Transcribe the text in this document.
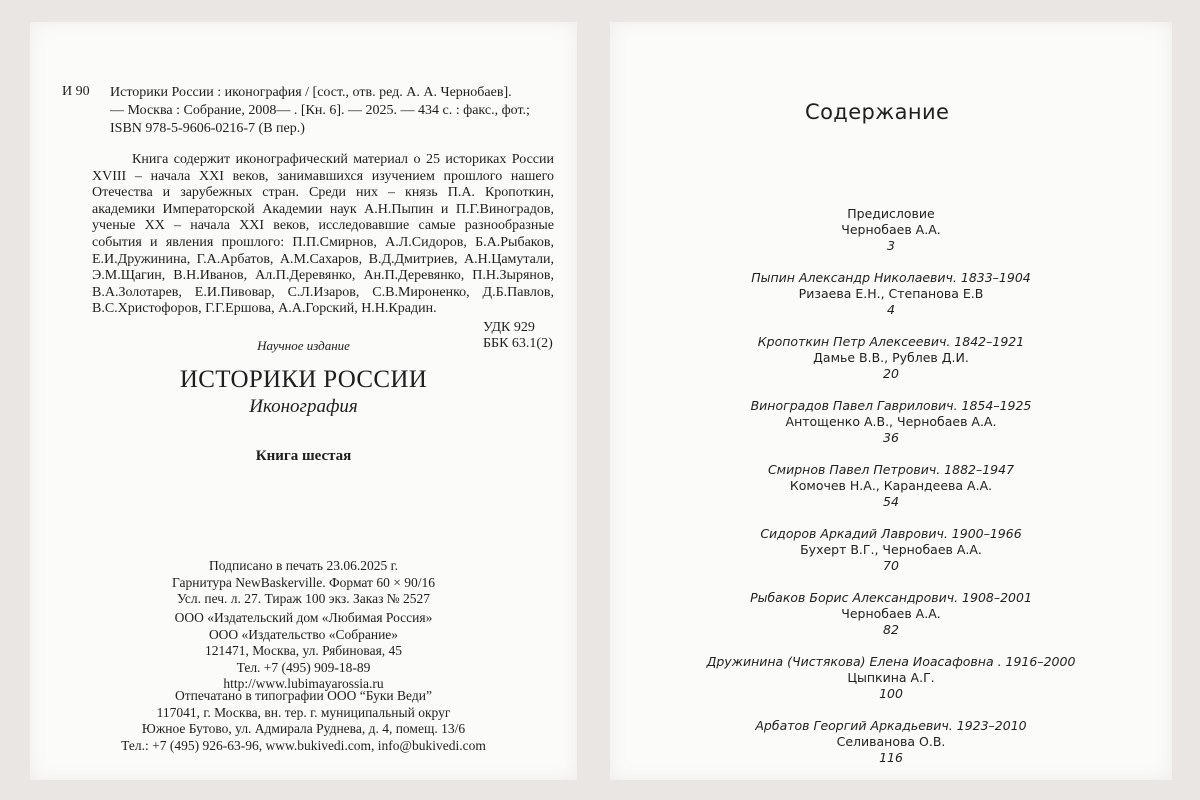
И 90 Историки России : иконография / [сост., отв. ред. А. А. Чернобаев].
— Москва : Собрание, 2008— . [Кн. 6]. — 2025. — 434 с. : факс., фот.;
ISBN 978-5-9606-0216-7 (В пер.)
Книга содержит иконографический материал о 25 историках России XVIII – начала XXI веков, занимавшихся изучением прошлого нашего Отечества и зарубежных стран. Среди них – князь П.А. Кропоткин, академики Императорской Академии наук А.Н.Пыпин и П.Г.Виноградов, ученые XX – начала XXI веков, исследовавшие самые разнообразные события и явления прошлого: П.П.Смирнов, А.Л.Сидоров, Б.А.Рыбаков, Е.И.Дружинина, Г.А.Арбатов, А.М.Сахаров, В.Д.Дмитриев, А.Н.Цамутали, Э.М.Щагин, В.Н.Иванов, Ал.П.Деревянко, Ан.П.Деревянко, П.Н.Зырянов, В.А.Золотарев, Е.И.Пивовар, С.Л.Изаров, С.В.Мироненко, Д.Б.Павлов, В.С.Христофоров, Г.Г.Ершова, А.А.Горский, Н.Н.Крадин.
УДК 929
ББК 63.1(2)
Научное издание
ИСТОРИКИ РОССИИ
Иконография
Книга шестая
Подписано в печать 23.06.2025 г.
Гарнитура NewBaskerville. Формат 60 × 90/16
Усл. печ. л. 27. Тираж 100 экз. Заказ № 2527
ООО «Издательский дом «Любимая Россия»
ООО «Издательство «Собрание»
121471, Москва, ул. Рябиновая, 45
Тел. +7 (495) 909-18-89
http://www.lubimayarossia.ru
Отпечатано в типографии ООО “Буки Веди”
117041, г. Москва, вн. тер. г. муниципальный округ
Южное Бутово, ул. Адмирала Руднева, д. 4, помещ. 13/6
Тел.: +7 (495) 926-63-96, www.bukivedi.com, info@bukivedi.com
Содержание
Предисловие
Чернобаев А.А.
3
Пыпин Александр Николаевич. 1833–1904
Ризаева Е.Н., Степанова Е.В
4
Кропоткин Петр Алексеевич. 1842–1921
Дамье В.В., Рублев Д.И.
20
Виноградов Павел Гаврилович. 1854–1925
Антощенко А.В., Чернобаев А.А.
36
Смирнов Павел Петрович. 1882–1947
Комочев Н.А., Карандеева А.А.
54
Сидоров Аркадий Лаврович. 1900–1966
Бухерт В.Г., Чернобаев А.А.
70
Рыбаков Борис Александрович. 1908–2001
Чернобаев А.А.
82
Дружинина (Чистякова) Елена Иоасафовна . 1916–2000
Цыпкина А.Г.
100
Арбатов Георгий Аркадьевич. 1923–2010
Селиванова О.В.
116
